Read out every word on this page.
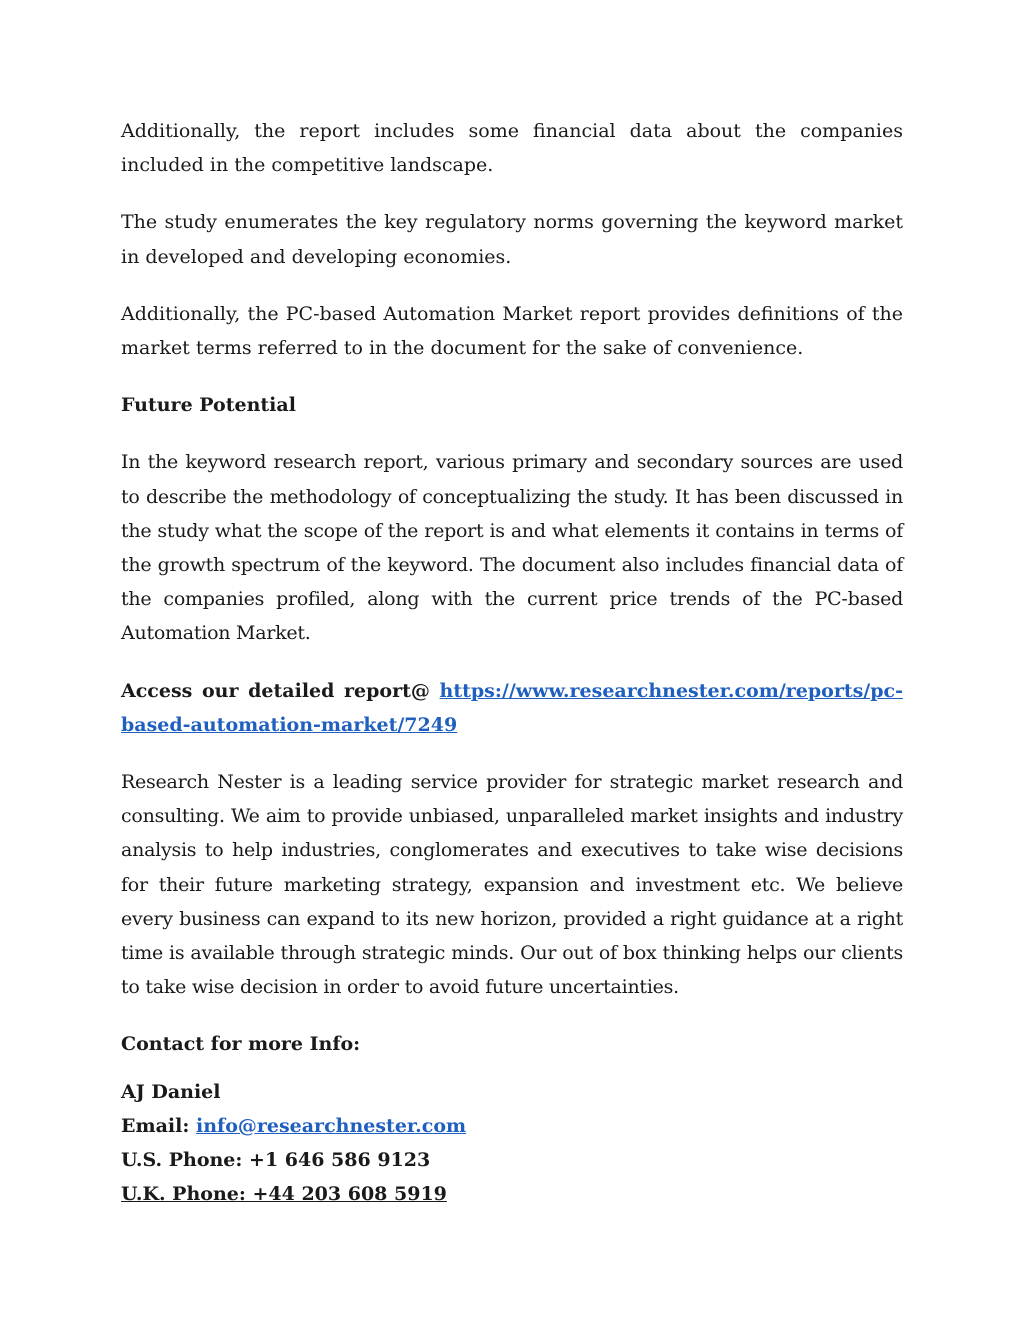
Additionally, the report includes some financial data about the companies included in the competitive landscape.

The study enumerates the key regulatory norms governing the keyword market in developed and developing economies.

Additionally, the PC-based Automation Market report provides definitions of the market terms referred to in the document for the sake of convenience.

Future Potential

In the keyword research report, various primary and secondary sources are used to describe the methodology of conceptualizing the study. It has been discussed in the study what the scope of the report is and what elements it contains in terms of the growth spectrum of the keyword. The document also includes financial data of the companies profiled, along with the current price trends of the PC-based Automation Market.

Access our detailed report@ https://www.researchnester.com/reports/pc-based-automation-market/7249

Research Nester is a leading service provider for strategic market research and consulting. We aim to provide unbiased, unparalleled market insights and industry analysis to help industries, conglomerates and executives to take wise decisions for their future marketing strategy, expansion and investment etc. We believe every business can expand to its new horizon, provided a right guidance at a right time is available through strategic minds. Our out of box thinking helps our clients to take wise decision in order to avoid future uncertainties.

Contact for more Info:

AJ Daniel
Email: info@researchnester.com
U.S. Phone: +1 646 586 9123
U.K. Phone: +44 203 608 5919
